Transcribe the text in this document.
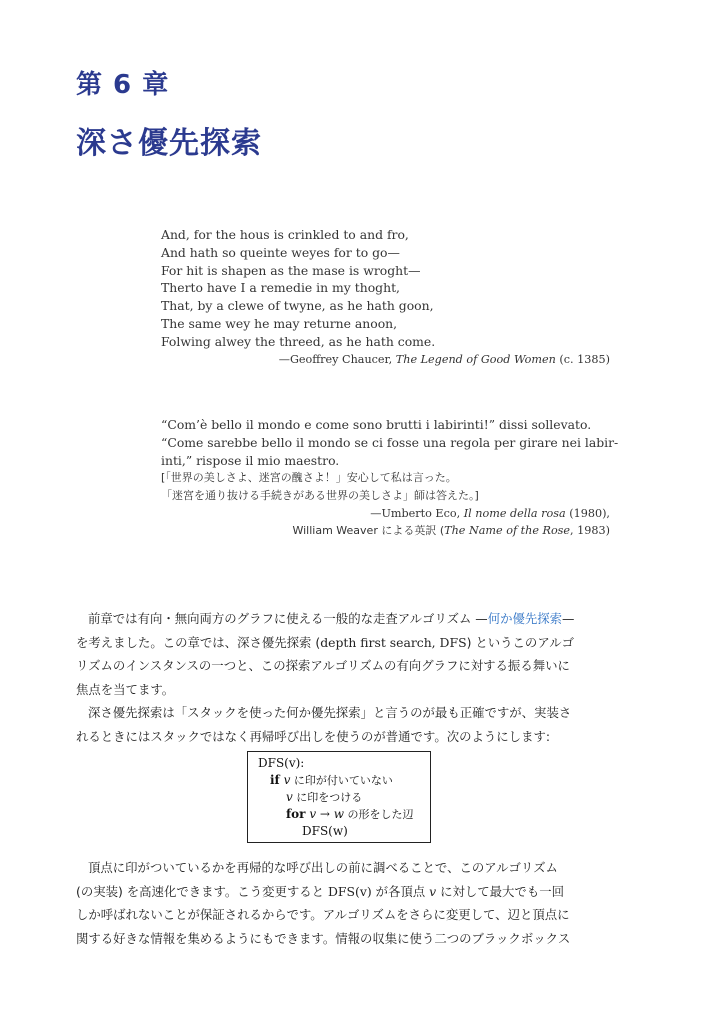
第 6 章
深さ優先探索
And, for the hous is crinkled to and fro,
And hath so queinte weyes for to go—
For hit is shapen as the mase is wroght—
Therto have I a remedie in my thoght,
That, by a clewe of twyne, as he hath goon,
The same wey he may returne anoon,
Folwing alwey the threed, as he hath come.
—Geoffrey Chaucer, The Legend of Good Women (c. 1385)
“Com’è bello il mondo e come sono brutti i labirinti!” dissi sollevato.
“Come sarebbe bello il mondo se ci fosse una regola per girare nei labir-
inti,” rispose il mio maestro.
[「世界の美しさよ、迷宮の醜さよ！」安心して私は言った。
「迷宮を通り抜ける手続きがある世界の美しさよ」師は答えた。]
—Umberto Eco, Il nome della rosa (1980),
William Weaver による英訳 (The Name of the Rose, 1983)
前章では有向・無向両方のグラフに使える一般的な走査アルゴリズム —何か優先探索—
を考えました。この章では、深さ優先探索 (depth first search, DFS) というこのアルゴ
リズムのインスタンスの一つと、この探索アルゴリズムの有向グラフに対する振る舞いに
焦点を当てます。
深さ優先探索は「スタックを使った何か優先探索」と言うのが最も正確ですが、実装さ
れるときにはスタックではなく再帰呼び出しを使うのが普通です。次のようにします:
DFS(v):
if v に印が付いていない
v に印をつける
for v → w の形をした辺
DFS(w)
頂点に印がついているかを再帰的な呼び出しの前に調べることで、このアルゴリズム
(の実装) を高速化できます。こう変更すると DFS(v) が各頂点 v に対して最大でも一回
しか呼ばれないことが保証されるからです。アルゴリズムをさらに変更して、辺と頂点に
関する好きな情報を集めるようにもできます。情報の収集に使う二つのブラックボックス
